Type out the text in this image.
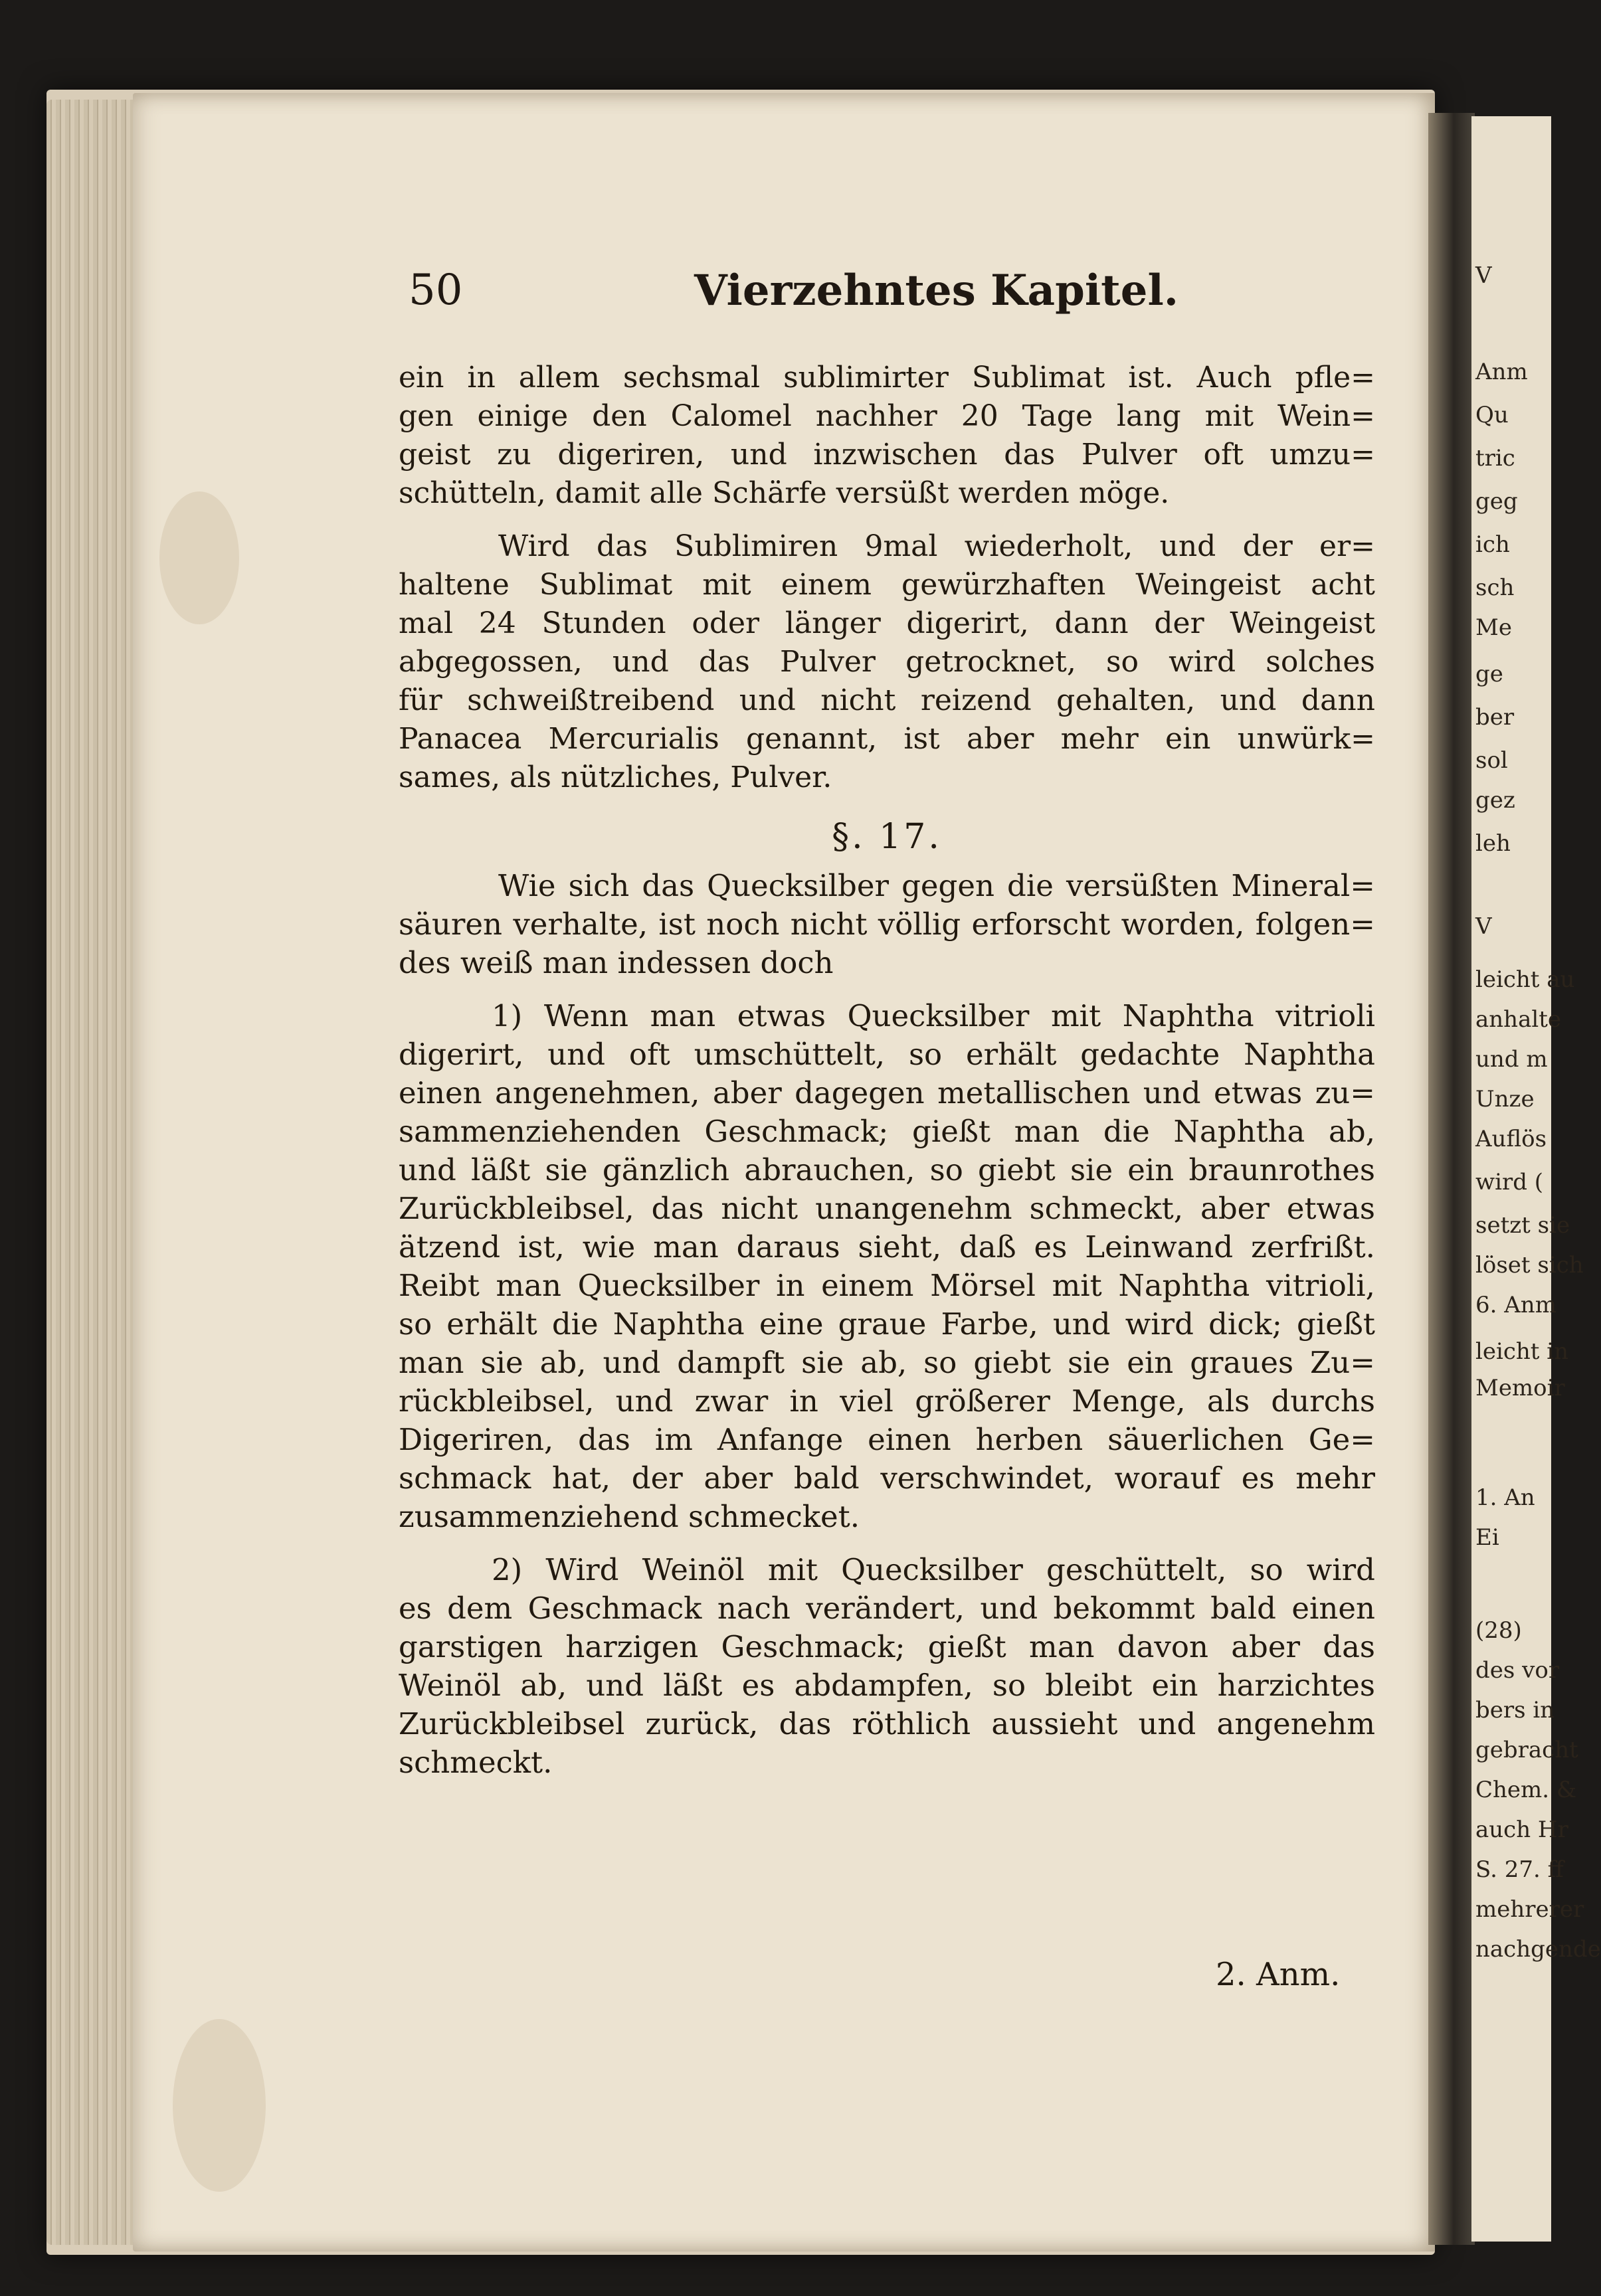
V
Anm
Qu
tric
geg
ich
sch
Me
ge
ber
sol
gez
leh
V
leicht au
anhalte
und m
Unze
Auflös
wird (
setzt sie
löset sich
6. Anm
leicht in
Memoir
1. An
Ei
(28)
des vor
bers in
gebracht
Chem. &
auch Hr
S. 27. ff
mehrerer
nachgende
50	Vierzehntes Kapitel.
ein in allem sechsmal sublimirter Sublimat ist. Auch pfle=
gen einige den Calomel nachher 20 Tage lang mit Wein=
geist zu digeriren, und inzwischen das Pulver oft umzu=
schütteln, damit alle Schärfe versüßt werden möge.
Wird das Sublimiren 9mal wiederholt, und der er=
haltene Sublimat mit einem gewürzhaften Weingeist acht
mal 24 Stunden oder länger digerirt, dann der Weingeist
abgegossen, und das Pulver getrocknet, so wird solches
für schweißtreibend und nicht reizend gehalten, und dann
Panacea Mercurialis genannt, ist aber mehr ein unwürk=
sames, als nützliches, Pulver.
§. 17.
Wie sich das Quecksilber gegen die versüßten Mineral=
säuren verhalte, ist noch nicht völlig erforscht worden, folgen=
des weiß man indessen doch
1) Wenn man etwas Quecksilber mit Naphtha vitrioli
digerirt, und oft umschüttelt, so erhält gedachte Naphtha
einen angenehmen, aber dagegen metallischen und etwas zu=
sammenziehenden Geschmack; gießt man die Naphtha ab,
und läßt sie gänzlich abrauchen, so giebt sie ein braunrothes
Zurückbleibsel, das nicht unangenehm schmeckt, aber etwas
ätzend ist, wie man daraus sieht, daß es Leinwand zerfrißt.
Reibt man Quecksilber in einem Mörsel mit Naphtha vitrioli,
so erhält die Naphtha eine graue Farbe, und wird dick; gießt
man sie ab, und dampft sie ab, so giebt sie ein graues Zu=
rückbleibsel, und zwar in viel größerer Menge, als durchs
Digeriren, das im Anfange einen herben säuerlichen Ge=
schmack hat, der aber bald verschwindet, worauf es mehr
zusammenziehend schmecket.
2) Wird Weinöl mit Quecksilber geschüttelt, so wird
es dem Geschmack nach verändert, und bekommt bald einen
garstigen harzigen Geschmack; gießt man davon aber das
Weinöl ab, und läßt es abdampfen, so bleibt ein harzichtes
Zurückbleibsel zurück, das röthlich aussieht und angenehm
schmeckt.
2. Anm.
